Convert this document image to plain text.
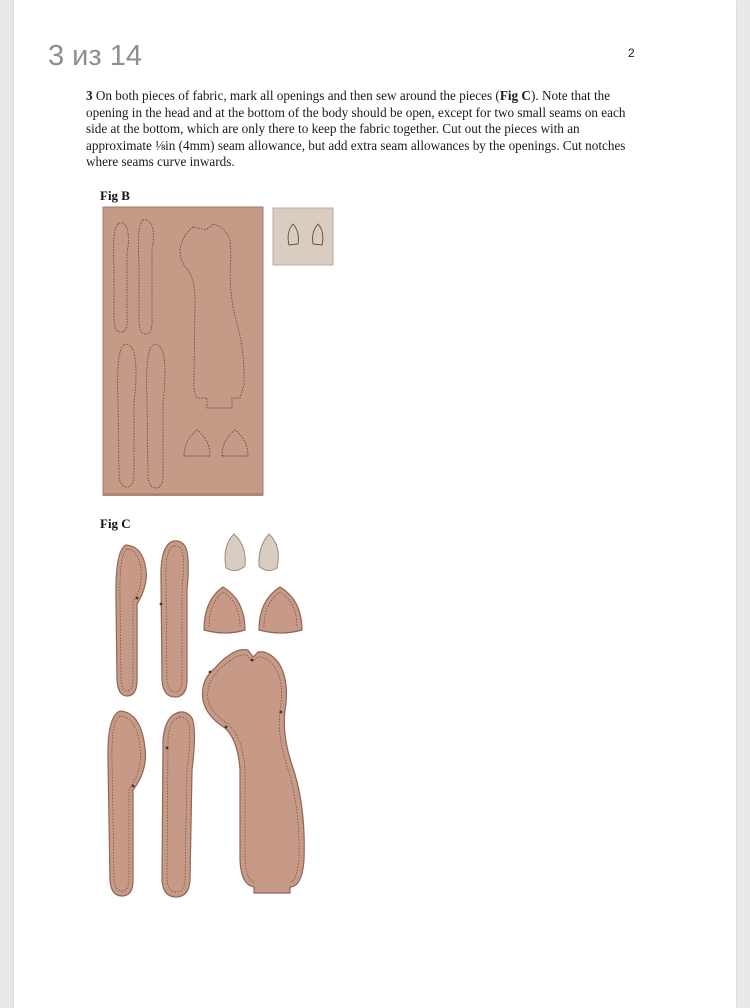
3 из 14	2

3 On both pieces of fabric, mark all openings and then sew around the pieces (Fig C). Note that the opening in the head and at the bottom of the body should be open, except for two small seams on each side at the bottom, which are only there to keep the fabric together. Cut out the pieces with an approximate ⅛in (4mm) seam allowance, but add extra seam allowances by the openings. Cut notches where seams curve inwards.

Fig B
Fig C
